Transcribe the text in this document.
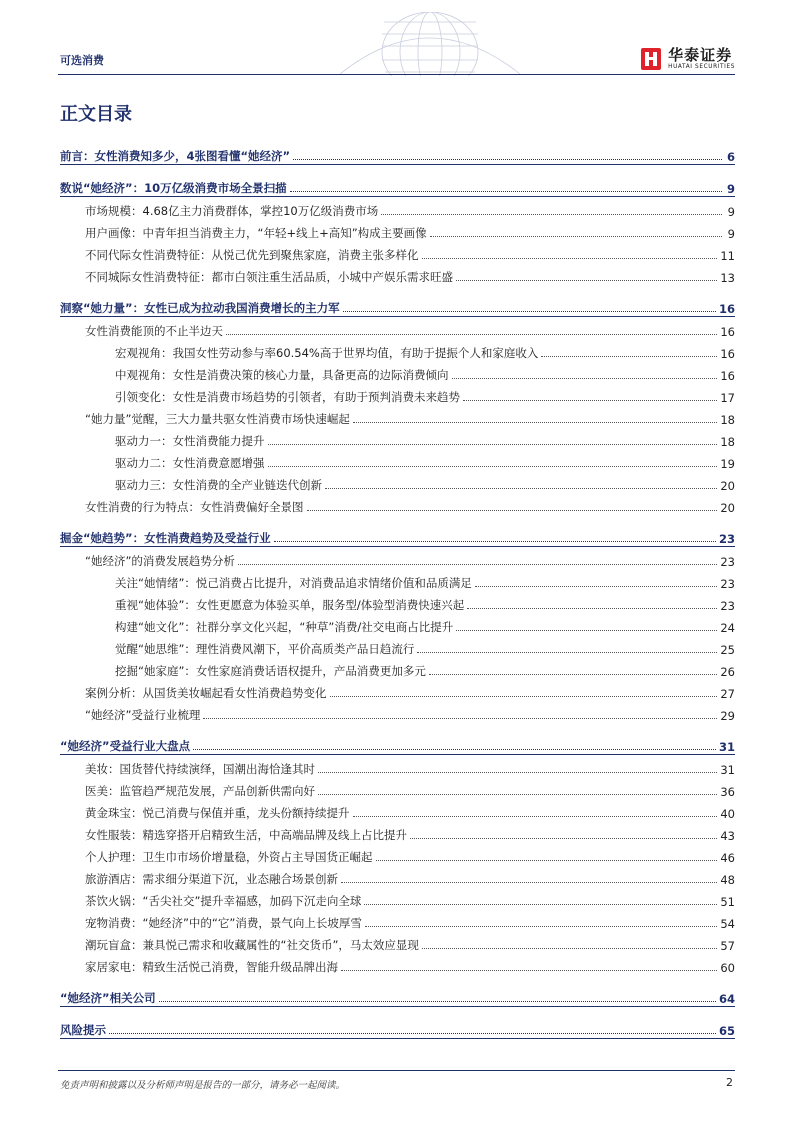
可选消费	华泰证券
HUATAI SECURITIES
正文目录
前言：女性消费知多少，4张图看懂“她经济”	6
数说“她经济”：10万亿级消费市场全景扫描	9
市场规模：4.68亿主力消费群体，掌控10万亿级消费市场	9
用户画像：中青年担当消费主力，“年轻+线上+高知”构成主要画像	9
不同代际女性消费特征：从悦己优先到聚焦家庭，消费主张多样化	11
不同城际女性消费特征：都市白领注重生活品质，小城中产娱乐需求旺盛	13
洞察“她力量”：女性已成为拉动我国消费增长的主力军	16
女性消费能顶的不止半边天	16
宏观视角：我国女性劳动参与率60.54%高于世界均值，有助于提振个人和家庭收入	16
中观视角：女性是消费决策的核心力量，具备更高的边际消费倾向	16
引领变化：女性是消费市场趋势的引领者，有助于预判消费未来趋势	17
“她力量”觉醒，三大力量共驱女性消费市场快速崛起	18
驱动力一：女性消费能力提升	18
驱动力二：女性消费意愿增强	19
驱动力三：女性消费的全产业链迭代创新	20
女性消费的行为特点：女性消费偏好全景图	20
掘金“她趋势”：女性消费趋势及受益行业	23
“她经济”的消费发展趋势分析	23
关注“她情绪”：悦己消费占比提升，对消费品追求情绪价值和品质满足	23
重视“她体验”：女性更愿意为体验买单，服务型/体验型消费快速兴起	23
构建“她文化”：社群分享文化兴起，“种草”消费/社交电商占比提升	24
觉醒“她思维”：理性消费风潮下，平价高质类产品日趋流行	25
挖掘“她家庭”：女性家庭消费话语权提升，产品消费更加多元	26
案例分析：从国货美妆崛起看女性消费趋势变化	27
“她经济”受益行业梳理	29
“她经济”受益行业大盘点	31
美妆：国货替代持续演绎，国潮出海恰逢其时	31
医美：监管趋严规范发展，产品创新供需向好	36
黄金珠宝：悦己消费与保值并重，龙头份额持续提升	40
女性服装：精选穿搭开启精致生活，中高端品牌及线上占比提升	43
个人护理：卫生巾市场价增量稳，外资占主导国货正崛起	46
旅游酒店：需求细分渠道下沉，业态融合场景创新	48
茶饮火锅：“舌尖社交”提升幸福感，加码下沉走向全球	51
宠物消费：“她经济”中的“它”消费，景气向上长坡厚雪	54
潮玩盲盒：兼具悦己需求和收藏属性的“社交货币”，马太效应显现	57
家居家电：精致生活悦己消费，智能升级品牌出海	60
“她经济”相关公司	64
风险提示	65
免责声明和披露以及分析师声明是报告的一部分，请务必一起阅读。	2
